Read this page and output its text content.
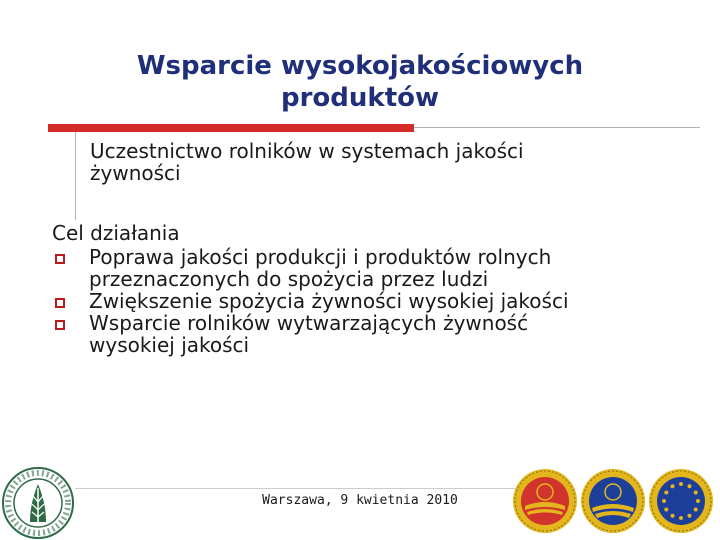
Wsparcie wysokojakościowych
produktów
Uczestnictwo rolników w systemach jakości
żywności
Cel działania
Poprawa jakości produkcji i produktów rolnych
przeznaczonych do spożycia przez ludzi
Zwiększenie spożycia żywności wysokiej jakości
Wsparcie rolników wytwarzających żywność
wysokiej jakości
Warszawa, 9 kwietnia 2010
